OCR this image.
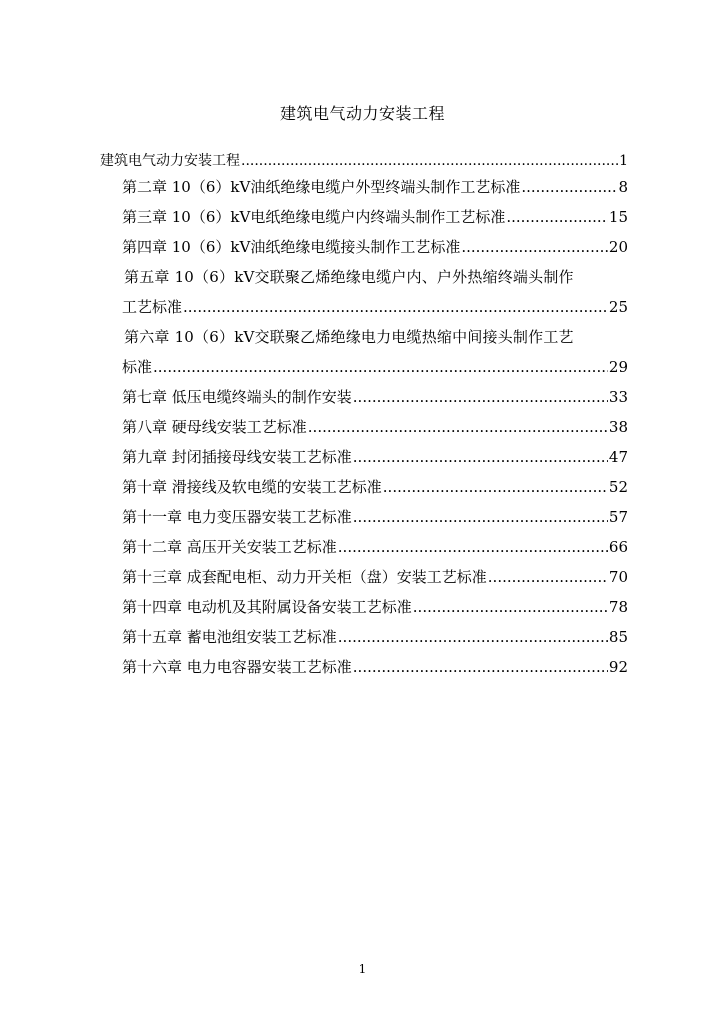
建筑电气动力安装工程
建筑电气动力安装工程 .....	1
第二章 10（6）kV油纸绝缘电缆户外型终端头制作工艺标准 .....	8
第三章 10（6）kV电纸绝缘电缆户内终端头制作工艺标准 .....	15
第四章 10（6）kV油纸绝缘电缆接头制作工艺标准 .....	20
第五章 10（6）kV交联聚乙烯绝缘电缆户内、户外热缩终端头制作
工艺标准 .....	25
第六章 10（6）kV交联聚乙烯绝缘电力电缆热缩中间接头制作工艺
标准 .....	29
第七章 低压电缆终端头的制作安装 .....	33
第八章 硬母线安装工艺标准 .....	38
第九章 封闭插接母线安装工艺标准 .....	47
第十章 滑接线及软电缆的安装工艺标准 .....	52
第十一章 电力变压器安装工艺标准 .....	57
第十二章 高压开关安装工艺标准 .....	66
第十三章 成套配电柜、动力开关柜（盘）安装工艺标准 .....	70
第十四章 电动机及其附属设备安装工艺标准 .....	78
第十五章 蓄电池组安装工艺标准 .....	85
第十六章 电力电容器安装工艺标准 .....	92
1
